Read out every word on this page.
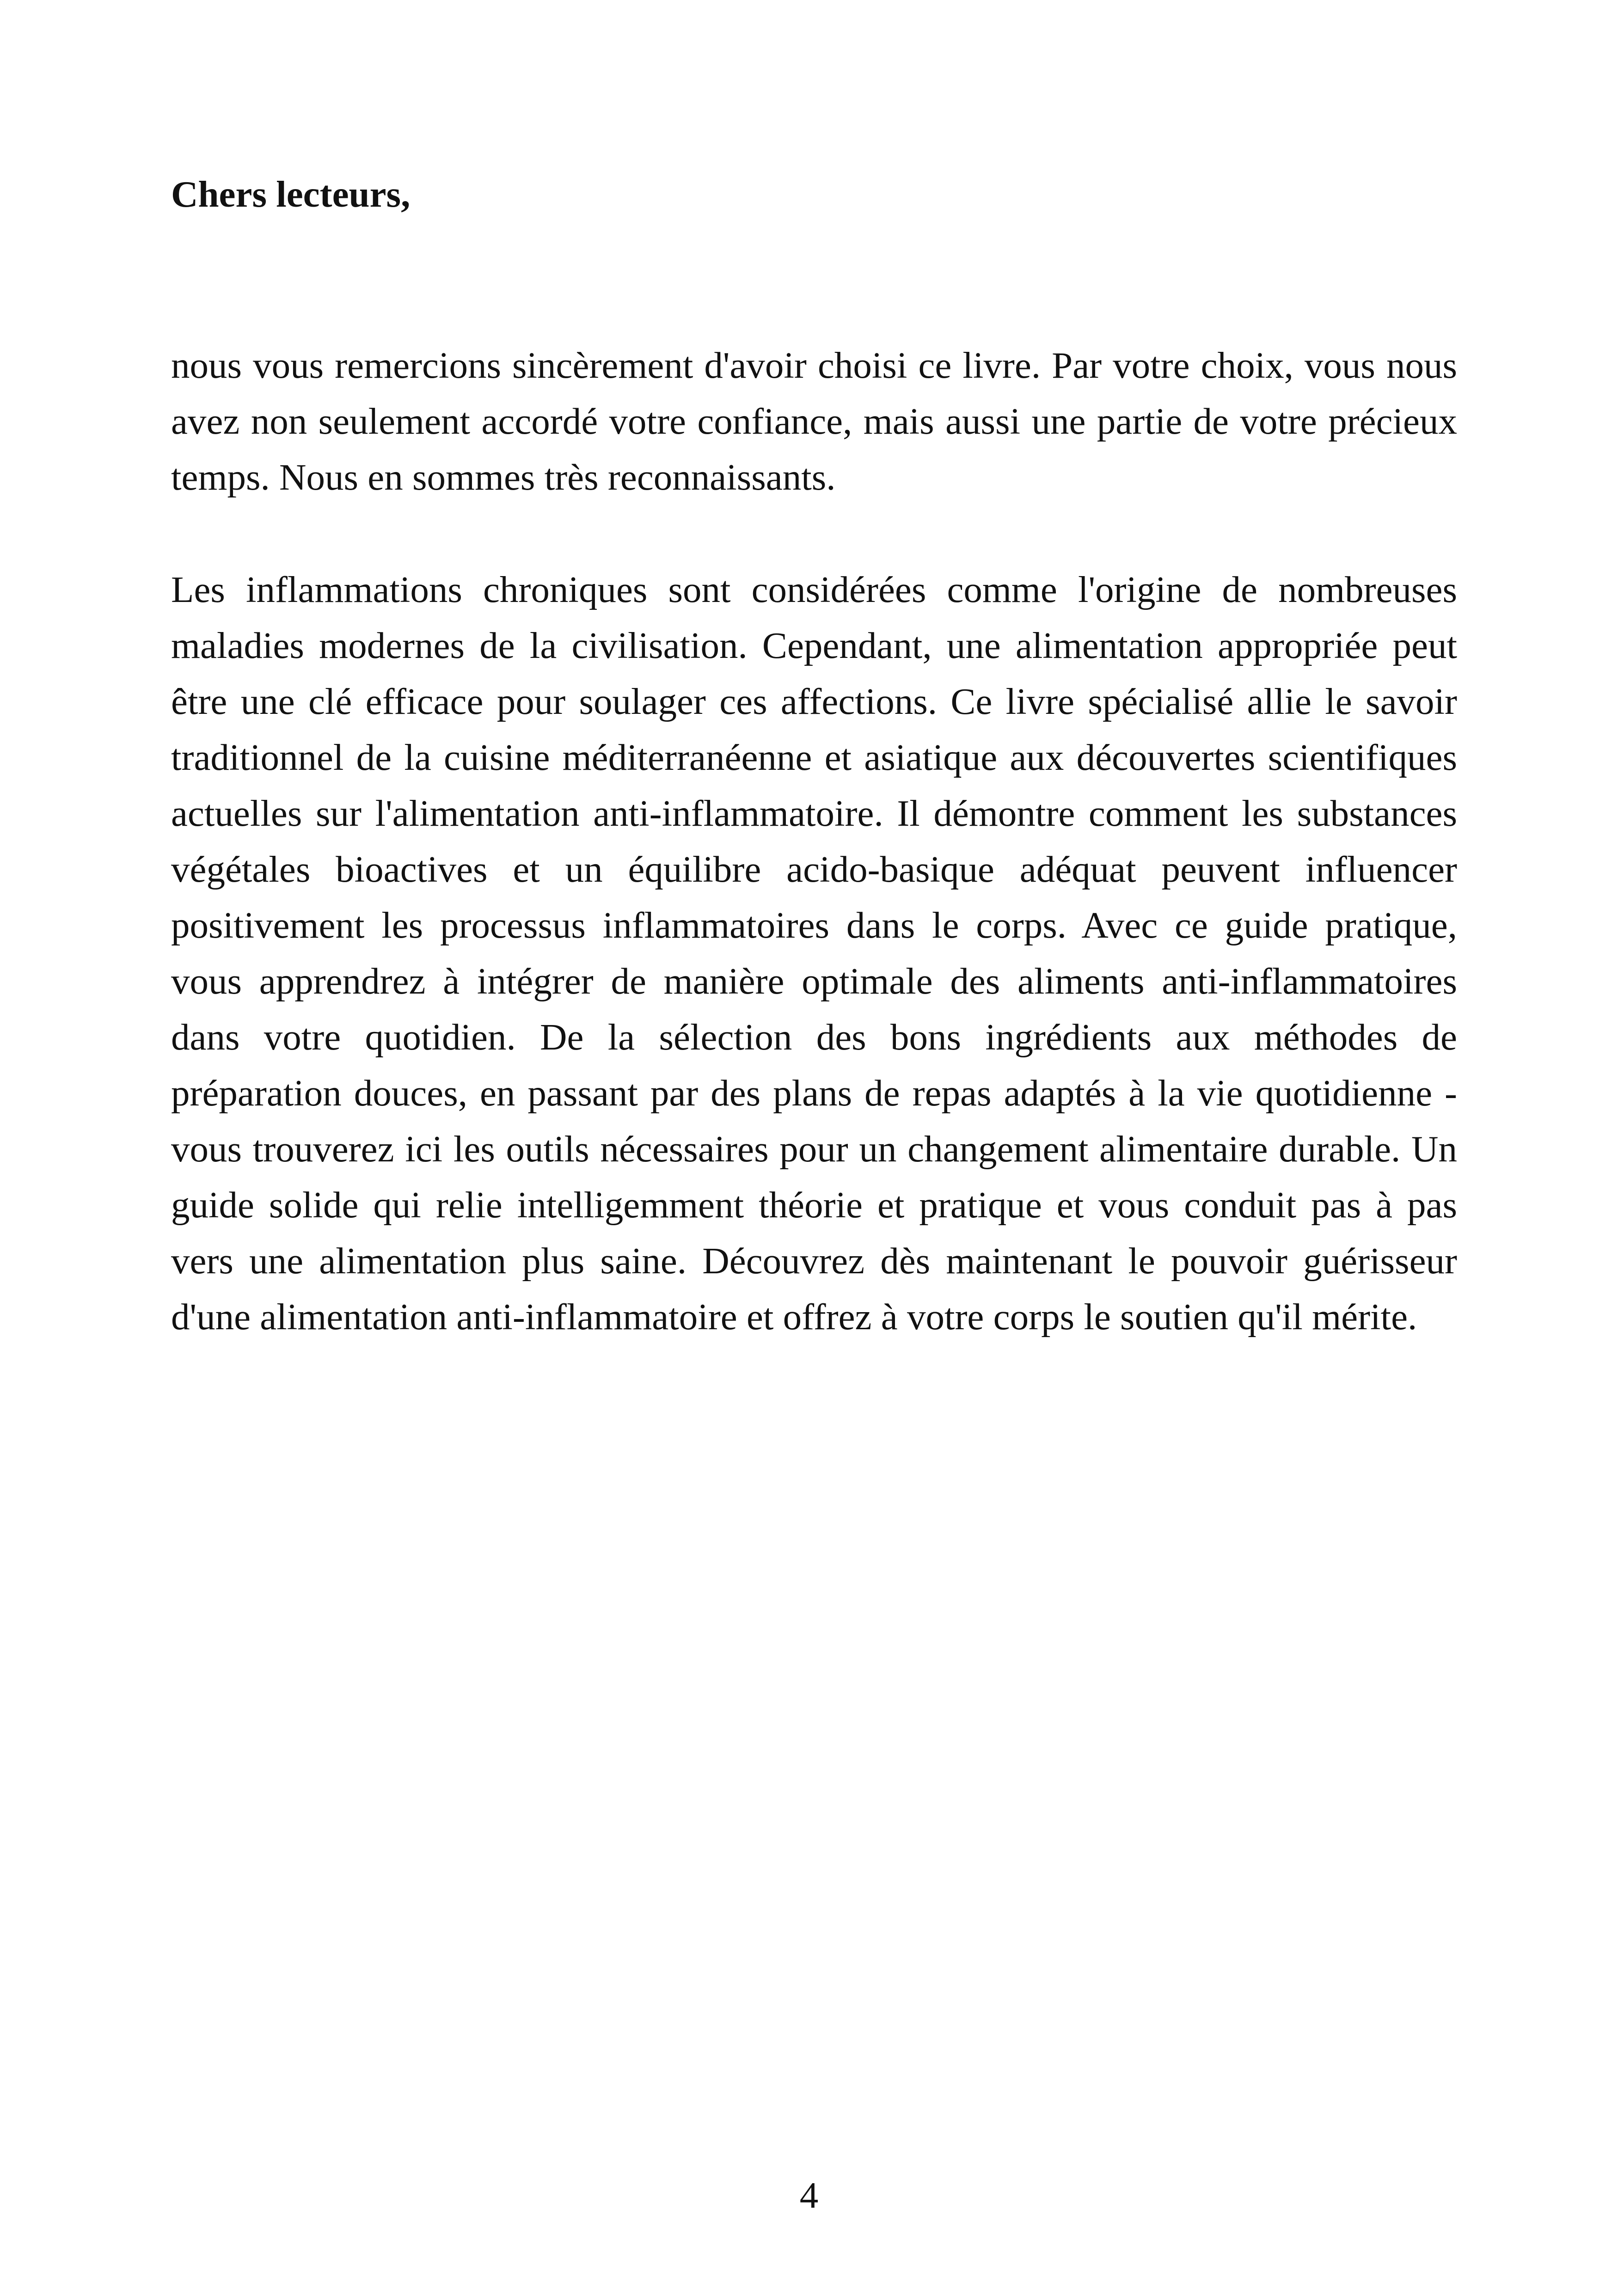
Chers lecteurs,

nous vous remercions sincèrement d'avoir choisi ce livre. Par votre choix, vous nous avez non seulement accordé votre confiance, mais aussi une partie de votre précieux temps. Nous en sommes très reconnaissants.

Les inflammations chroniques sont considérées comme l'origine de nombreuses maladies modernes de la civilisation. Cependant, une alimentation appropriée peut être une clé efficace pour soulager ces affections. Ce livre spécialisé allie le savoir traditionnel de la cuisine méditerranéenne et asiatique aux découvertes scientifiques actuelles sur l'alimentation anti-inflammatoire. Il démontre comment les substances végétales bioactives et un équilibre acido-basique adéquat peuvent influencer positivement les processus inflammatoires dans le corps. Avec ce guide pratique, vous apprendrez à intégrer de manière optimale des aliments anti-inflammatoires dans votre quotidien. De la sélection des bons ingrédients aux méthodes de préparation douces, en passant par des plans de repas adaptés à la vie quotidienne - vous trouverez ici les outils nécessaires pour un changement alimentaire durable. Un guide solide qui relie intelligemment théorie et pratique et vous conduit pas à pas vers une alimentation plus saine. Découvrez dès maintenant le pouvoir guérisseur d'une alimentation anti-inflammatoire et offrez à votre corps le soutien qu'il mérite.

4
